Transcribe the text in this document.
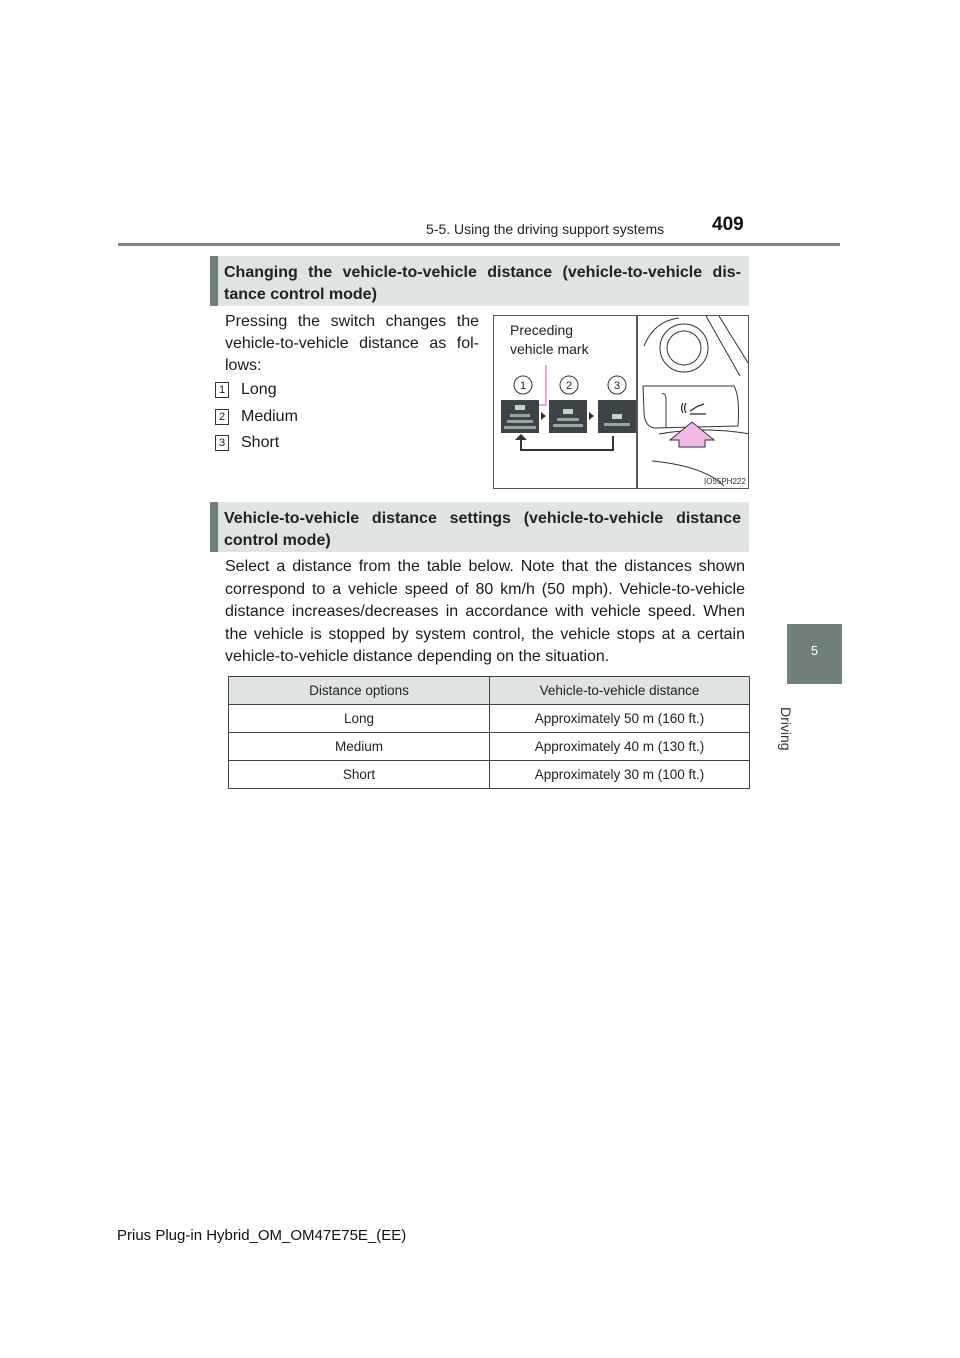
5-5. Using the driving support systems	409
5
Driving
Changing the vehicle-to-vehicle distance (vehicle-to-vehicle dis- tance control mode)
Pressing the switch changes the vehicle-to-vehicle distance as fol- lows:
1 Long
2 Medium
3 Short
1	2	3
Preceding
vehicle mark
IO55PH222
Vehicle-to-vehicle distance settings (vehicle-to-vehicle distance control mode)
Select a distance from the table below. Note that the distances shown correspond to a vehicle speed of 80 km/h (50 mph). Vehicle-to-vehicle distance increases/decreases in accordance with vehicle speed. When the vehicle is stopped by system control, the vehicle stops at a certain vehicle-to-vehicle distance depending on the situation.
Distance options	Vehicle-to-vehicle distance
Long	Approximately 50 m (160 ft.)
Medium	Approximately 40 m (130 ft.)
Short	Approximately 30 m (100 ft.)
Prius Plug-in Hybrid_OM_OM47E75E_(EE)
